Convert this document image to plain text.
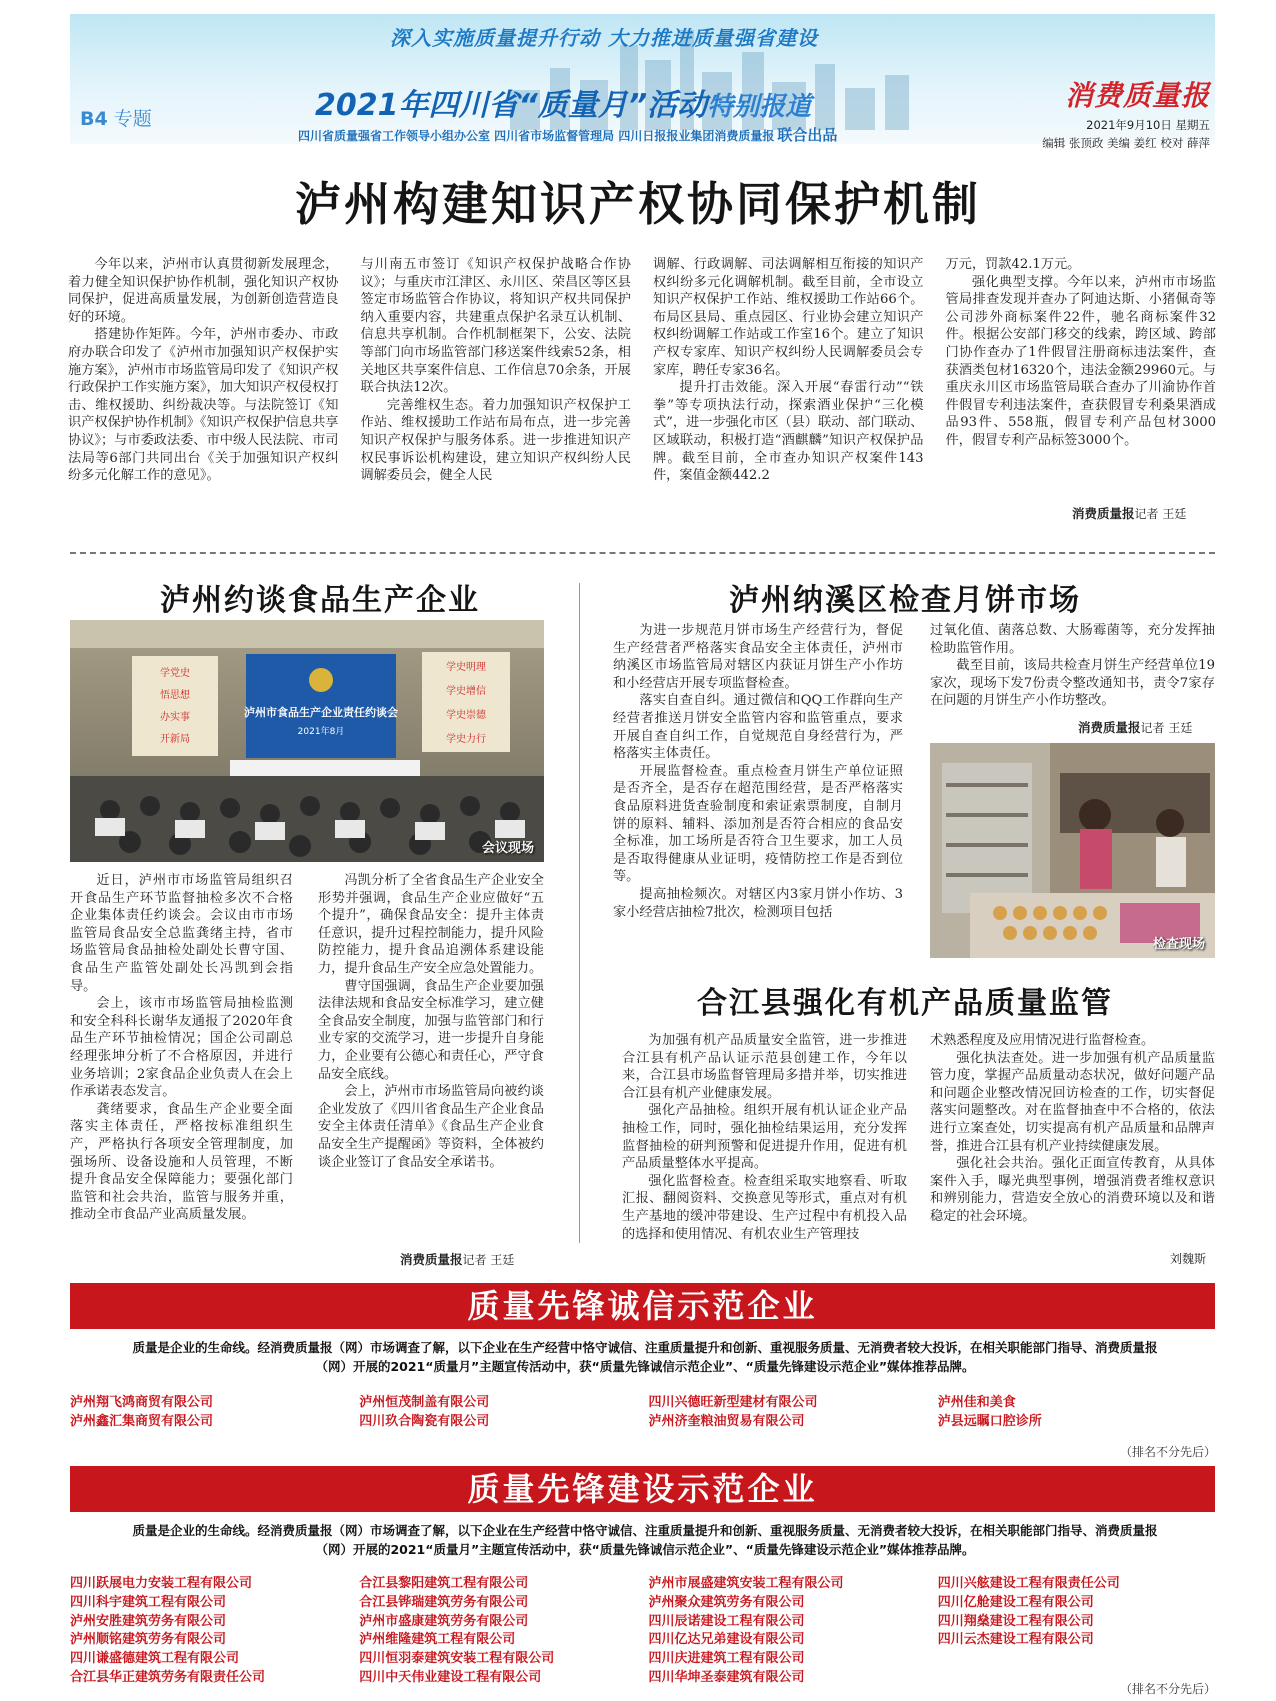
深入实施质量提升行动 大力推进质量强省建设
2021年四川省“质量月”活动特别报道
四川省质量强省工作领导小组办公室 四川省市场监督管理局 四川日报报业集团消费质量报 联合出品
B4 专题
消费质量报
2021年9月10日 星期五
编辑 张顶政 美编 姜红 校对 薛萍
泸州构建知识产权协同保护机制

今年以来，泸州市认真贯彻新发展理念，着力健全知识保护协作机制，强化知识产权协同保护，促进高质量发展，为创新创造营造良好的环境。

搭建协作矩阵。今年，泸州市委办、市政府办联合印发了《泸州市加强知识产权保护实施方案》，泸州市市场监管局印发了《知识产权行政保护工作实施方案》，加大知识产权侵权打击、维权援助、纠纷裁决等。与法院签订《知识产权保护协作机制》《知识产权保护信息共享协议》；与市委政法委、市中级人民法院、市司法局等6部门共同出台《关于加强知识产权纠纷多元化解工作的意见》。

与川南五市签订《知识产权保护战略合作协议》；与重庆市江津区、永川区、荣昌区等区县签定市场监管合作协议，将知识产权共同保护纳入重要内容，共建重点保护名录互认机制、信息共享机制。合作机制框架下，公安、法院等部门向市场监管部门移送案件线索52条，相关地区共享案件信息、工作信息70余条，开展联合执法12次。

完善维权生态。着力加强知识产权保护工作站、维权援助工作站布局布点，进一步完善知识产权保护与服务体系。进一步推进知识产权民事诉讼机构建设，建立知识产权纠纷人民调解委员会，健全人民

调解、行政调解、司法调解相互衔接的知识产权纠纷多元化调解机制。截至目前，全市设立知识产权保护工作站、维权援助工作站66个。布局区县局、重点园区、行业协会建立知识产权纠纷调解工作站或工作室16个。建立了知识产权专家库、知识产权纠纷人民调解委员会专家库，聘任专家36名。

提升打击效能。深入开展“春雷行动”“铁拳”等专项执法行动，探索酒业保护“三化模式”，进一步强化市区（县）联动、部门联动、区域联动，积极打造“酒麒麟”知识产权保护品牌。截至目前，全市查办知识产权案件143件，案值金额442.2

万元，罚款42.1万元。

强化典型支撑。今年以来，泸州市市场监管局排查发现并查办了阿迪达斯、小猪佩奇等公司涉外商标案件22件，驰名商标案件32件。根据公安部门移交的线索，跨区域、跨部门协作查办了1件假冒注册商标违法案件，查获酒类包材16320个，违法金额29960元。与重庆永川区市场监管局联合查办了川渝协作首件假冒专利违法案件，查获假冒专利桑果酒成品93件、558瓶，假冒专利产品包材3000件，假冒专利产品标签3000个。

消费质量报记者 王廷
泸州约谈食品生产企业
泸州市食品生产企业责任约谈会
2021年8月
学党史
悟思想
办实事
开新局
学史明理
学史增信
学史崇德
学史力行
会议现场

近日，泸州市市场监管局组织召开食品生产环节监督抽检多次不合格企业集体责任约谈会。会议由市市场监管局食品安全总监龚绪主持，省市场监管局食品抽检处副处长曹守国、食品生产监管处副处长冯凯到会指导。

会上，该市市场监管局抽检监测和安全科科长谢华友通报了2020年食品生产环节抽检情况；国企公司副总经理张坤分析了不合格原因，并进行业务培训；2家食品企业负责人在会上作承诺表态发言。

龚绪要求，食品生产企业要全面落实主体责任，严格按标准组织生产，严格执行各项安全管理制度，加强场所、设备设施和人员管理，不断提升食品安全保障能力；要强化部门监管和社会共治，监管与服务并重，推动全市食品产业高质量发展。

冯凯分析了全省食品生产企业安全形势并强调，食品生产企业应做好“五个提升”，确保食品安全：提升主体责任意识，提升过程控制能力，提升风险防控能力，提升食品追溯体系建设能力，提升食品生产安全应急处置能力。

曹守国强调，食品生产企业要加强法律法规和食品安全标准学习，建立健全食品安全制度，加强与监管部门和行业专家的交流学习，进一步提升自身能力，企业要有公德心和责任心，严守食品安全底线。

会上，泸州市市场监管局向被约谈企业发放了《四川省食品生产企业食品安全主体责任清单》《食品生产企业食品安全生产提醒函》等资料，全体被约谈企业签订了食品安全承诺书。

消费质量报记者 王廷
泸州纳溪区检查月饼市场

为进一步规范月饼市场生产经营行为，督促生产经营者严格落实食品安全主体责任，泸州市纳溪区市场监管局对辖区内获证月饼生产小作坊和小经营店开展专项监督检查。

落实自查自纠。通过微信和QQ工作群向生产经营者推送月饼安全监管内容和监管重点，要求开展自查自纠工作，自觉规范自身经营行为，严格落实主体责任。

开展监督检查。重点检查月饼生产单位证照是否齐全，是否存在超范围经营，是否严格落实食品原料进货查验制度和索证索票制度，自制月饼的原料、辅料、添加剂是否符合相应的食品安全标准，加工场所是否符合卫生要求，加工人员是否取得健康从业证明，疫情防控工作是否到位等。

提高抽检频次。对辖区内3家月饼小作坊、3家小经营店抽检7批次，检测项目包括

过氧化值、菌落总数、大肠霉菌等，充分发挥抽检助监管作用。

截至目前，该局共检查月饼生产经营单位19家次，现场下发7份责令整改通知书，责令7家存在问题的月饼生产小作坊整改。

消费质量报记者 王廷
检查现场
合江县强化有机产品质量监管

为加强有机产品质量安全监管，进一步推进合江县有机产品认证示范县创建工作，今年以来，合江县市场监督管理局多措并举，切实推进合江县有机产业健康发展。

强化产品抽检。组织开展有机认证企业产品抽检工作，同时，强化抽检结果运用，充分发挥监督抽检的研判预警和促进提升作用，促进有机产品质量整体水平提高。

强化监督检查。检查组采取实地察看、听取汇报、翻阅资料、交换意见等形式，重点对有机生产基地的缓冲带建设、生产过程中有机投入品的选择和使用情况、有机农业生产管理技

术熟悉程度及应用情况进行监督检查。

强化执法查处。进一步加强有机产品质量监管力度，掌握产品质量动态状况，做好问题产品和问题企业整改情况回访检查的工作，切实督促落实问题整改。对在监督抽查中不合格的，依法进行立案查处，切实提高有机产品质量和品牌声誉，推进合江县有机产业持续健康发展。

强化社会共治。强化正面宣传教育，从具体案件入手，曝光典型事例，增强消费者维权意识和辨别能力，营造安全放心的消费环境以及和谐稳定的社会环境。

刘魏斯
质量先锋诚信示范企业
质量是企业的生命线。经消费质量报（网）市场调查了解，以下企业在生产经营中恪守诚信、注重质量提升和创新、重视服务质量、无消费者较大投诉，在相关职能部门指导、消费质量报（网）开展的2021“质量月”主题宣传活动中，获“质量先锋诚信示范企业”、“质量先锋建设示范企业”媒体推荐品牌。
泸州翔飞鸿商贸有限公司
泸州鑫汇集商贸有限公司
泸州恒茂制盖有限公司
四川玖合陶瓷有限公司
四川兴德旺新型建材有限公司
泸州济奎粮油贸易有限公司
泸州佳和美食
泸县远瞩口腔诊所
（排名不分先后）
质量先锋建设示范企业
质量是企业的生命线。经消费质量报（网）市场调查了解，以下企业在生产经营中恪守诚信、注重质量提升和创新、重视服务质量、无消费者较大投诉，在相关职能部门指导、消费质量报（网）开展的2021“质量月”主题宣传活动中，获“质量先锋诚信示范企业”、“质量先锋建设示范企业”媒体推荐品牌。
四川跃展电力安装工程有限公司
四川科宇建筑工程有限公司
泸州安胜建筑劳务有限公司
泸州顺铭建筑劳务有限公司
四川谦盛德建筑工程有限公司
合江县华正建筑劳务有限责任公司
合江县黎阳建筑工程有限公司
合江县铧瑞建筑劳务有限公司
泸州市盛康建筑劳务有限公司
泸州维隆建筑工程有限公司
四川恒羽泰建筑安装工程有限公司
四川中天伟业建设工程有限公司
泸州市展盛建筑安装工程有限公司
泸州聚众建筑劳务有限公司
四川辰诺建设工程有限公司
四川亿达兄弟建设有限公司
四川庆进建筑工程有限公司
四川华坤圣泰建筑有限公司
四川兴舷建设工程有限责任公司
四川亿舱建设工程有限公司
四川翔燊建设工程有限公司
四川云杰建设工程有限公司
（排名不分先后）
